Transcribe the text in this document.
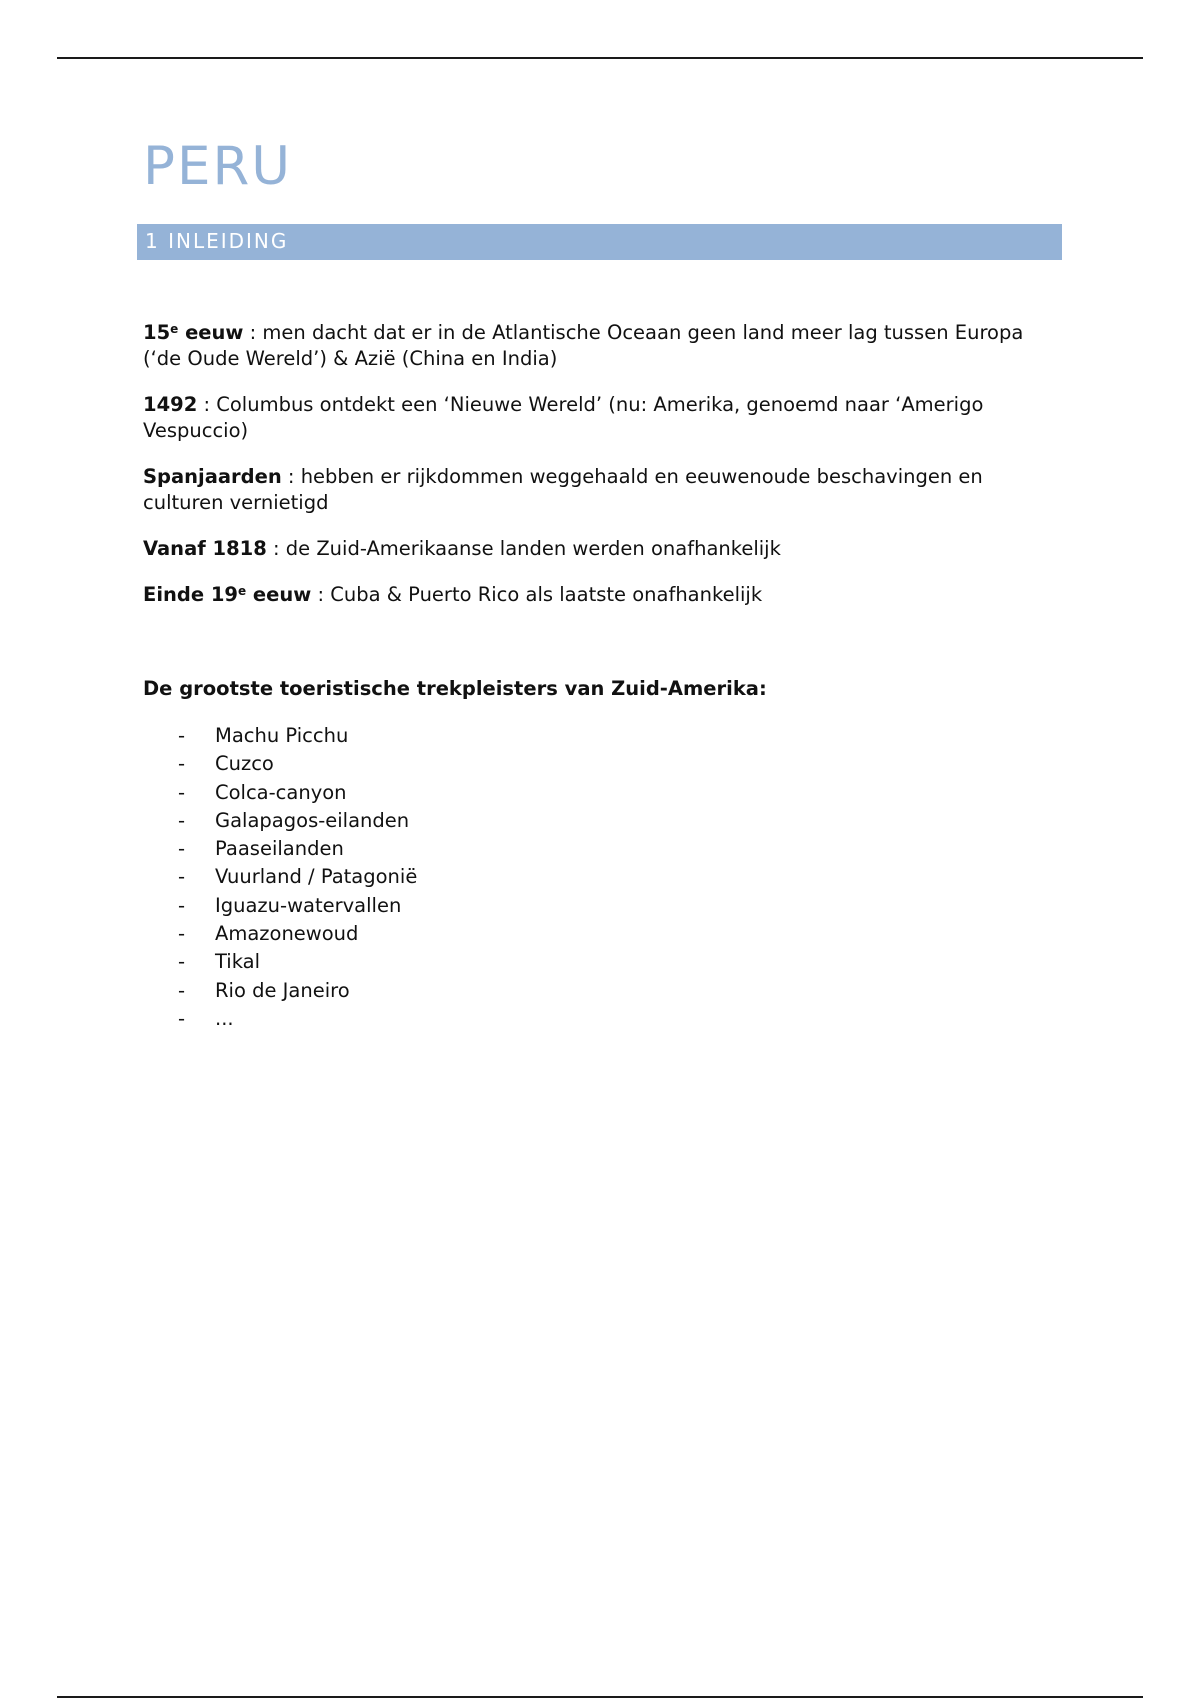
PERU
1 INLEIDING

15e eeuw : men dacht dat er in de Atlantische Oceaan geen land meer lag tussen Europa (‘de Oude Wereld’) & Azië (China en India)

1492 : Columbus ontdekt een ‘Nieuwe Wereld’ (nu: Amerika, genoemd naar ‘Amerigo Vespuccio)

Spanjaarden : hebben er rijkdommen weggehaald en eeuwenoude beschavingen en culturen vernietigd

Vanaf 1818 : de Zuid-Amerikaanse landen werden onafhankelijk

Einde 19e eeuw : Cuba & Puerto Rico als laatste onafhankelijk

De grootste toeristische trekpleisters van Zuid-Amerika:

- Machu Picchu
- Cuzco
- Colca-canyon
- Galapagos-eilanden
- Paaseilanden
- Vuurland / Patagonië
- Iguazu-watervallen
- Amazonewoud
- Tikal
- Rio de Janeiro
- ...
